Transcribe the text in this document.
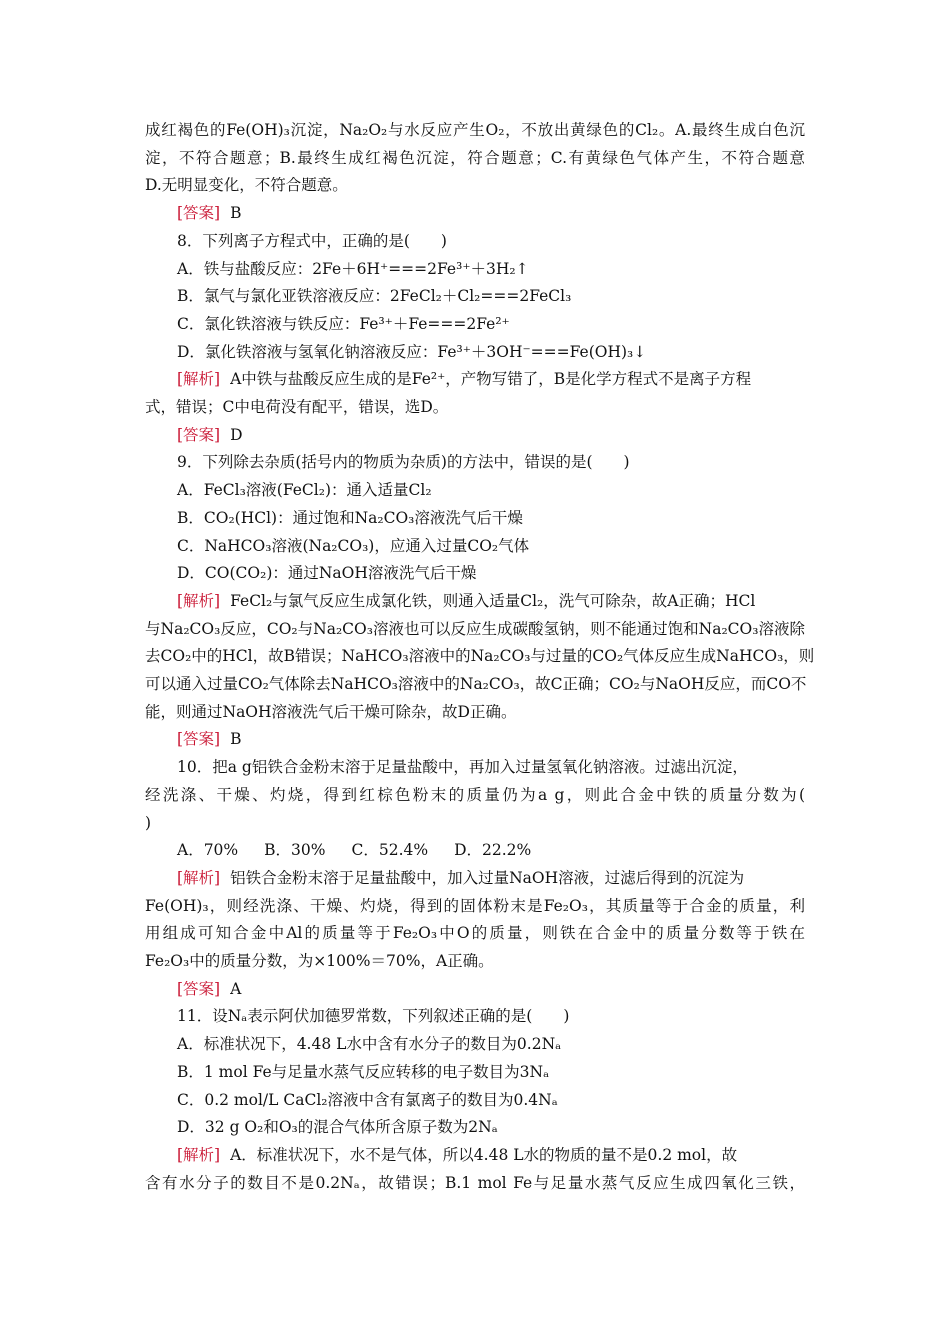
成红褐色的Fe(OH)₃沉淀，Na₂O₂与水反应产生O₂，不放出黄绿色的Cl₂。A.最终生成白色沉
淀，不符合题意；B.最终生成红褐色沉淀，符合题意；C.有黄绿色气体产生，不符合题意
D.无明显变化，不符合题意。
[答案] B
8．下列离子方程式中，正确的是(　　)
A．铁与盐酸反应：2Fe＋6H⁺===2Fe³⁺＋3H₂↑
B．氯气与氯化亚铁溶液反应：2FeCl₂＋Cl₂===2FeCl₃
C．氯化铁溶液与铁反应：Fe³⁺＋Fe===2Fe²⁺
D．氯化铁溶液与氢氧化钠溶液反应：Fe³⁺＋3OH⁻===Fe(OH)₃↓
[解析] A中铁与盐酸反应生成的是Fe²⁺，产物写错了，B是化学方程式不是离子方程
式，错误；C中电荷没有配平，错误，选D。
[答案] D
9．下列除去杂质(括号内的物质为杂质)的方法中，错误的是(　　)
A．FeCl₃溶液(FeCl₂)：通入适量Cl₂
B．CO₂(HCl)：通过饱和Na₂CO₃溶液洗气后干燥
C．NaHCO₃溶液(Na₂CO₃)，应通入过量CO₂气体
D．CO(CO₂)：通过NaOH溶液洗气后干燥
[解析] FeCl₂与氯气反应生成氯化铁，则通入适量Cl₂，洗气可除杂，故A正确；HCl
与Na₂CO₃反应，CO₂与Na₂CO₃溶液也可以反应生成碳酸氢钠，则不能通过饱和Na₂CO₃溶液除
去CO₂中的HCl，故B错误；NaHCO₃溶液中的Na₂CO₃与过量的CO₂气体反应生成NaHCO₃，则
可以通入过量CO₂气体除去NaHCO₃溶液中的Na₂CO₃，故C正确；CO₂与NaOH反应，而CO不
能，则通过NaOH溶液洗气后干燥可除杂，故D正确。
[答案] B
10．把a g铝铁合金粉末溶于足量盐酸中，再加入过量氢氧化钠溶液。过滤出沉淀，
经洗涤、干燥、灼烧，得到红棕色粉末的质量仍为a g，则此合金中铁的质量分数为(
)
A．70% B．30% C．52.4% D．22.2%
[解析] 铝铁合金粉末溶于足量盐酸中，加入过量NaOH溶液，过滤后得到的沉淀为
Fe(OH)₃，则经洗涤、干燥、灼烧，得到的固体粉末是Fe₂O₃，其质量等于合金的质量，利
用组成可知合金中Al的质量等于Fe₂O₃中O的质量，则铁在合金中的质量分数等于铁在
Fe₂O₃中的质量分数，为×100%＝70%，A正确。
[答案] A
11．设Nₐ表示阿伏加德罗常数，下列叙述正确的是(　　)
A．标准状况下，4.48 L水中含有水分子的数目为0.2Nₐ
B．1 mol Fe与足量水蒸气反应转移的电子数目为3Nₐ
C．0.2 mol/L CaCl₂溶液中含有氯离子的数目为0.4Nₐ
D．32 g O₂和O₃的混合气体所含原子数为2Nₐ
[解析] A．标准状况下，水不是气体，所以4.48 L水的物质的量不是0.2 mol，故
含有水分子的数目不是0.2Nₐ，故错误；B.1 mol Fe与足量水蒸气反应生成四氧化三铁，
